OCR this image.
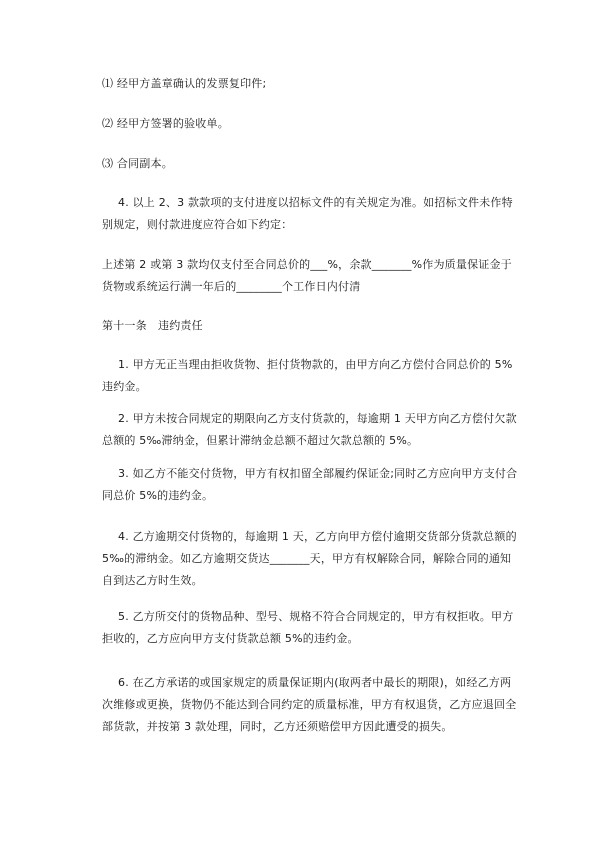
⑴ 经甲方盖章确认的发票复印件;

⑵ 经甲方签署的验收单。

⑶ 合同副本。

4. 以上 2、3 款款项的支付进度以招标文件的有关规定为准。如招标文件未作特别规定，则付款进度应符合如下约定：

上述第 2 或第 3 款均仅支付至合同总价的___%，余款_______%作为质量保证金于货物或系统运行满一年后的________个工作日内付清

第十一条　违约责任

1. 甲方无正当理由拒收货物、拒付货物款的，由甲方向乙方偿付合同总价的 5%违约金。

2. 甲方未按合同规定的期限向乙方支付货款的，每逾期 1 天甲方向乙方偿付欠款总额的 5‰滞纳金，但累计滞纳金总额不超过欠款总额的 5%。

3. 如乙方不能交付货物，甲方有权扣留全部履约保证金;同时乙方应向甲方支付合同总价 5%的违约金。

4. 乙方逾期交付货物的，每逾期 1 天，乙方向甲方偿付逾期交货部分货款总额的 5‰的滞纳金。如乙方逾期交货达_______天，甲方有权解除合同，解除合同的通知自到达乙方时生效。

5. 乙方所交付的货物品种、型号、规格不符合合同规定的，甲方有权拒收。甲方拒收的，乙方应向甲方支付货款总额 5%的违约金。

6. 在乙方承诺的或国家规定的质量保证期内(取两者中最长的期限)，如经乙方两次维修或更换，货物仍不能达到合同约定的质量标准，甲方有权退货，乙方应退回全部货款，并按第 3 款处理，同时，乙方还须赔偿甲方因此遭受的损失。
